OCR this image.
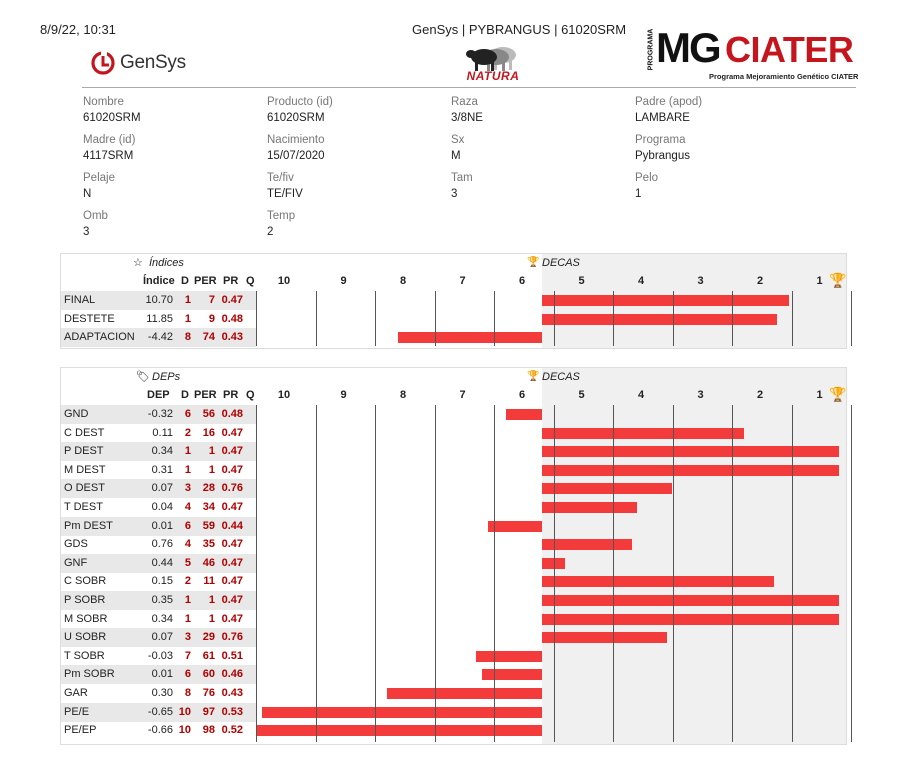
8/9/22, 10:31	GenSys | PYBRANGUS | 61020SRM
GenSys
NATURA
PROGRAMA MG CIATER
Programa Mejoramiento Genético CIATER
Nombre
61020SRM
Producto (id)
61020SRM
Raza
3/8NE
Padre (apod)
LAMBARE
Madre (id)
4117SRM
Nacimiento
15/07/2020
Sx
M
Programa
Pybrangus
Pelaje
N
Te/fiv
TE/FIV
Tam
3
Pelo
1
Omb
3
Temp
2
☆ Índices	🏆 DECAS
Índice D PER PR Q	10	9	8	7	6	5	4	3	2	1 🏆
FINAL	10.70	1	7 0.47
DESTETE	11.85	1	9 0.48
ADAPTACION	-4.42	8	74 0.43
🏷 DEPs	🏆 DECAS
DEP D PER PR Q	10	9	8	7	6	5	4	3	2	1 🏆
GND	-0.32	6	56 0.48
C DEST	0.11	2	16 0.47
P DEST	0.34	1	1 0.47
M DEST	0.31	1	1 0.47
O DEST	0.07	3	28 0.76
T DEST	0.04	4	34 0.47
Pm DEST	0.01	6	59 0.44
GDS	0.76	4	35 0.47
GNF	0.44	5	46 0.47
C SOBR	0.15	2	11 0.47
P SOBR	0.35	1	1 0.47
M SOBR	0.34	1	1 0.47
U SOBR	0.07	3	29 0.76
T SOBR	-0.03	7	61 0.51
Pm SOBR	0.01	6	60 0.46
GAR	0.30	8	76 0.43
PE/E	-0.65 10	97 0.53
PE/EP	-0.66 10	98 0.52
